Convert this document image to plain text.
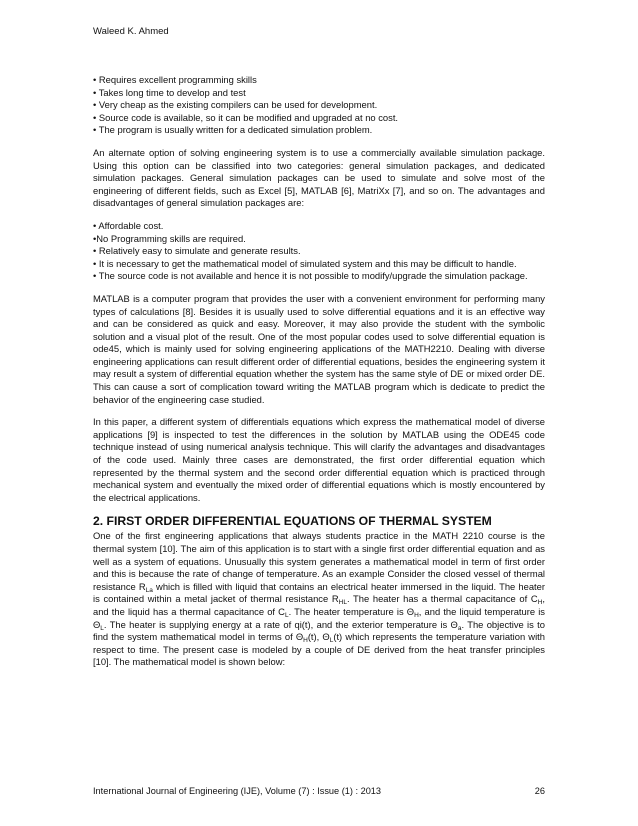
Waleed K. Ahmed

• Requires excellent programming skills

• Takes long time to develop and test

• Very cheap as the existing compilers can be used for development.

• Source code is available, so it can be modified and upgraded at no cost.

• The program is usually written for a dedicated simulation problem.

An alternate option of solving engineering system is to use a commercially available simulation package. Using this option can be classified into two categories: general simulation packages, and dedicated simulation packages. General simulation packages can be used to simulate and solve most of the engineering of different fields, such as Excel [5], MATLAB [6], MatriXx [7], and so on. The advantages and disadvantages of general simulation packages are:

• Affordable cost.

•No Programming skills are required.

• Relatively easy to simulate and generate results.

• It is necessary to get the mathematical model of simulated system and this may be difficult to handle.

• The source code is not available and hence it is not possible to modify/upgrade the simulation package.

MATLAB is a computer program that provides the user with a convenient environment for performing many types of calculations [8]. Besides it is usually used to solve differential equations and it is an effective way and can be considered as quick and easy. Moreover, it may also provide the student with the symbolic solution and a visual plot of the result. One of the most popular codes used to solve differential equation is ode45, which is mainly used for solving engineering applications of the MATH2210. Dealing with diverse engineering applications can result different order of differential equations, besides the engineering system it may result a system of differential equation whether the system has the same style of DE or mixed order DE. This can cause a sort of complication toward writing the MATLAB program which is dedicate to predict the behavior of the engineering case studied.

In this paper, a different system of differentials equations which express the mathematical model of diverse applications [9] is inspected to test the differences in the solution by MATLAB using the ODE45 code technique instead of using numerical analysis technique. This will clarify the advantages and disadvantages of the code used. Mainly three cases are demonstrated, the first order differential equation which represented by the thermal system and the second order differential equation which is practiced through mechanical system and eventually the mixed order of differential equations which is mostly encountered by the electrical applications.

2. FIRST ORDER DIFFERENTIAL EQUATIONS OF THERMAL SYSTEM

One of the first engineering applications that always students practice in the MATH 2210 course is the thermal system [10]. The aim of this application is to start with a single first order differential equation and as well as a system of equations. Unusually this system generates a mathematical model in term of first order and this is because the rate of change of temperature. As an example Consider the closed vessel of thermal resistance $R_{La}$ which is filled with liquid that contains an electrical heater immersed in the liquid. The heater is contained within a metal jacket of thermal resistance $R_{HL}$. The heater has a thermal capacitance of $C_H$, and the liquid has a thermal capacitance of $C_L$. The heater temperature is $\Theta_H$, and the liquid temperature is $\Theta_L$. The heater is supplying energy at a rate of qi(t), and the exterior temperature is $\Theta_a$. The objective is to find the system mathematical model in terms of $\Theta_H(t)$, $\Theta_L(t)$ which represents the temperature variation with respect to time. The present case is modeled by a couple of DE derived from the heat transfer principles [10]. The mathematical model is shown below:

International Journal of Engineering (IJE), Volume (7) : Issue (1) : 2013	26
